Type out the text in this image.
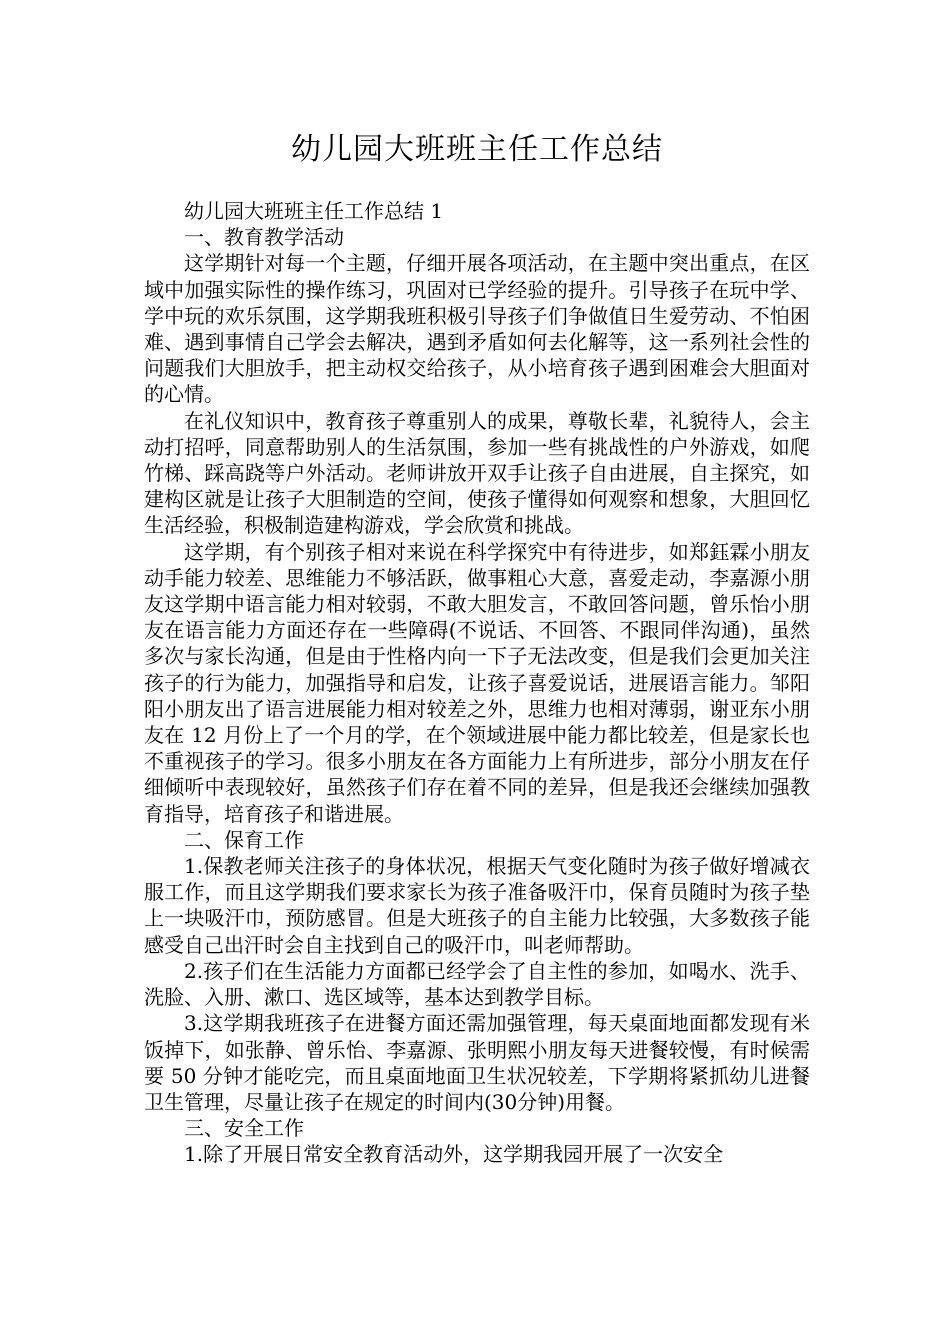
幼儿园大班班主任工作总结

幼儿园大班班主任工作总结 1

一、教育教学活动

这学期针对每一个主题，仔细开展各项活动，在主题中突出重点，在区域中加强实际性的操作练习，巩固对已学经验的提升。引导孩子在玩中学、学中玩的欢乐氛围，这学期我班积极引导孩子们争做值日生爱劳动、不怕困难、遇到事情自己学会去解决，遇到矛盾如何去化解等，这一系列社会性的问题我们大胆放手，把主动权交给孩子，从小培育孩子遇到困难会大胆面对的心情。

在礼仪知识中，教育孩子尊重别人的成果，尊敬长辈，礼貌待人，会主动打招呼，同意帮助别人的生活氛围，参加一些有挑战性的户外游戏，如爬竹梯、踩高跷等户外活动。老师讲放开双手让孩子自由进展，自主探究，如建构区就是让孩子大胆制造的空间，使孩子懂得如何观察和想象，大胆回忆生活经验，积极制造建构游戏，学会欣赏和挑战。

这学期，有个别孩子相对来说在科学探究中有待进步，如郑鈺霖小朋友动手能力较差、思维能力不够活跃，做事粗心大意，喜爱走动，李嘉源小朋友这学期中语言能力相对较弱，不敢大胆发言，不敢回答问题，曾乐怡小朋友在语言能力方面还存在一些障碍(不说话、不回答、不跟同伴沟通)，虽然多次与家长沟通，但是由于性格内向一下子无法改变，但是我们会更加关注孩子的行为能力，加强指导和启发，让孩子喜爱说话，进展语言能力。邹阳阳小朋友出了语言进展能力相对较差之外，思维力也相对薄弱，谢亚东小朋友在 12 月份上了一个月的学，在个领域进展中能力都比较差，但是家长也不重视孩子的学习。很多小朋友在各方面能力上有所进步，部分小朋友在仔细倾听中表现较好，虽然孩子们存在着不同的差异，但是我还会继续加强教育指导，培育孩子和谐进展。

二、保育工作

1.保教老师关注孩子的身体状况，根据天气变化随时为孩子做好增减衣服工作，而且这学期我们要求家长为孩子准备吸汗巾，保育员随时为孩子垫上一块吸汗巾，预防感冒。但是大班孩子的自主能力比较强，大多数孩子能感受自己出汗时会自主找到自己的吸汗巾，叫老师帮助。

2.孩子们在生活能力方面都已经学会了自主性的参加，如喝水、洗手、洗脸、入册、漱口、选区域等，基本达到教学目标。

3.这学期我班孩子在进餐方面还需加强管理，每天桌面地面都发现有米饭掉下，如张静、曾乐怡、李嘉源、张明熙小朋友每天进餐较慢，有时候需要 50 分钟才能吃完，而且桌面地面卫生状况较差，下学期将紧抓幼儿进餐卫生管理，尽量让孩子在规定的时间内(30分钟)用餐。

三、安全工作

1.除了开展日常安全教育活动外，这学期我园开展了一次安全
